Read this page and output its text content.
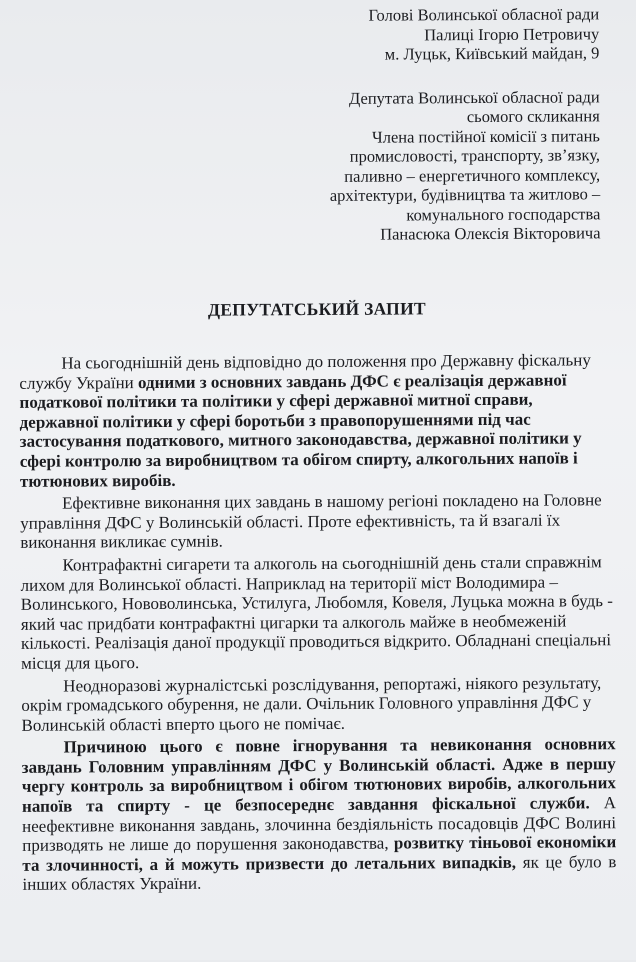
Голові Волинської обласної ради
Палиці Ігорю Петровичу
м. Луцьк, Київський майдан, 9
Депутата Волинської обласної ради
сьомого скликання
Члена постійної комісії з питань
промисловості, транспорту, зв’язку,
паливно – енергетичного комплексу,
архітектури, будівництва та житлово –
комунального господарства
Панасюка Олексія Вікторовича
ДЕПУТАТСЬКИЙ ЗАПИТ

На сьогоднішній день відповідно до положення про Державну фіскальну службу України одними з основних завдань ДФС є реалізація державної податкової політики та політики у сфері державної митної справи, державної політики у сфері боротьби з правопорушеннями під час застосування податкового, митного законодавства, державної політики у сфері контролю за виробництвом та обігом спирту, алкогольних напоїв і тютюнових виробів.

Ефективне виконання цих завдань в нашому регіоні покладено на Головне управління ДФС у Волинській області. Проте ефективність, та й взагалі їх виконання викликає сумнів.

Контрафактні сигарети та алкоголь на сьогоднішній день стали справжнім лихом для Волинської області. Наприклад на території міст Володимира – Волинського, Нововолинська, Устилуга, Любомля, Ковеля, Луцька можна в будь - який час придбати контрафактні цигарки та алкоголь майже в необмеженій кількості. Реалізація даної продукції проводиться відкрито. Обладнані спеціальні місця для цього.

Неодноразові журналістські розслідування, репортажі, ніякого результату, окрім громадського обурення, не дали. Очільник Головного управління ДФС у Волинській області вперто цього не помічає.

Причиною цього є повне ігнорування та невиконання основних завдань Головним управлінням ДФС у Волинській області. Адже в першу чергу контроль за виробництвом і обігом тютюнових виробів, алкогольних напоїв та спирту - це безпосереднє завдання фіскальної служби. А неефективне виконання завдань, злочинна бездіяльність посадовців ДФС Волині призводять не лише до порушення законодавства, розвитку тіньової економіки та злочинності, а й можуть призвести до летальних випадків, як це було в інших областях України.
